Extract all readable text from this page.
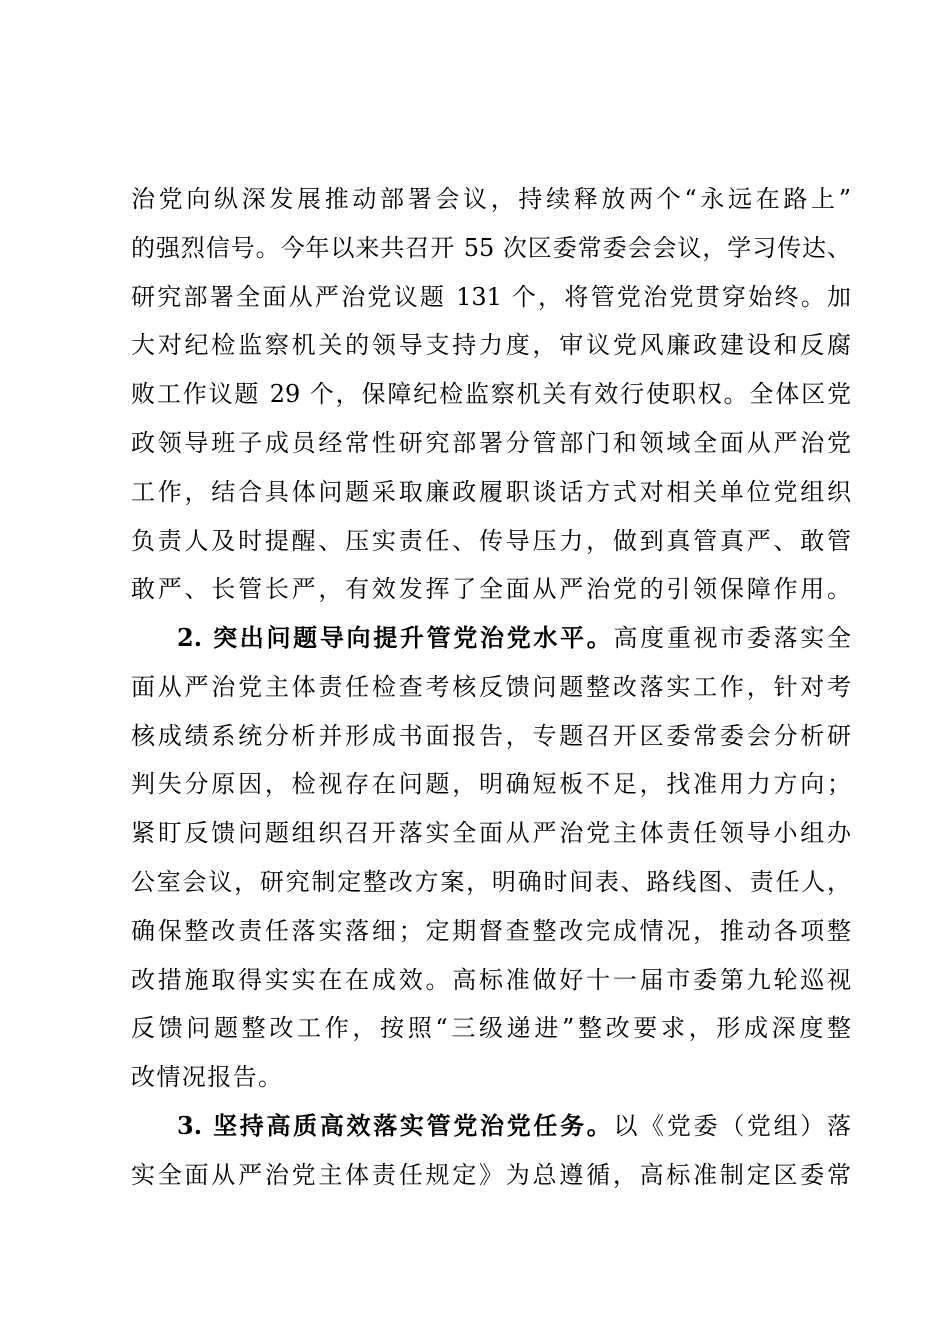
治党向纵深发展推动部署会议，持续释放两个“永远在路上”
的强烈信号。今年以来共召开 55 次区委常委会会议，学习传达、
研究部署全面从严治党议题 131 个，将管党治党贯穿始终。加
大对纪检监察机关的领导支持力度，审议党风廉政建设和反腐
败工作议题 29 个，保障纪检监察机关有效行使职权。全体区党
政领导班子成员经常性研究部署分管部门和领域全面从严治党
工作，结合具体问题采取廉政履职谈话方式对相关单位党组织
负责人及时提醒、压实责任、传导压力，做到真管真严、敢管
敢严、长管长严，有效发挥了全面从严治党的引领保障作用。
2. 突出问题导向提升管党治党水平。高度重视市委落实全
面从严治党主体责任检查考核反馈问题整改落实工作，针对考
核成绩系统分析并形成书面报告，专题召开区委常委会分析研
判失分原因，检视存在问题，明确短板不足，找准用力方向；
紧盯反馈问题组织召开落实全面从严治党主体责任领导小组办
公室会议，研究制定整改方案，明确时间表、路线图、责任人，
确保整改责任落实落细；定期督查整改完成情况，推动各项整
改措施取得实实在在成效。高标准做好十一届市委第九轮巡视
反馈问题整改工作，按照“三级递进”整改要求，形成深度整
改情况报告。
3. 坚持高质高效落实管党治党任务。以《党委（党组）落
实全面从严治党主体责任规定》为总遵循，高标准制定区委常
